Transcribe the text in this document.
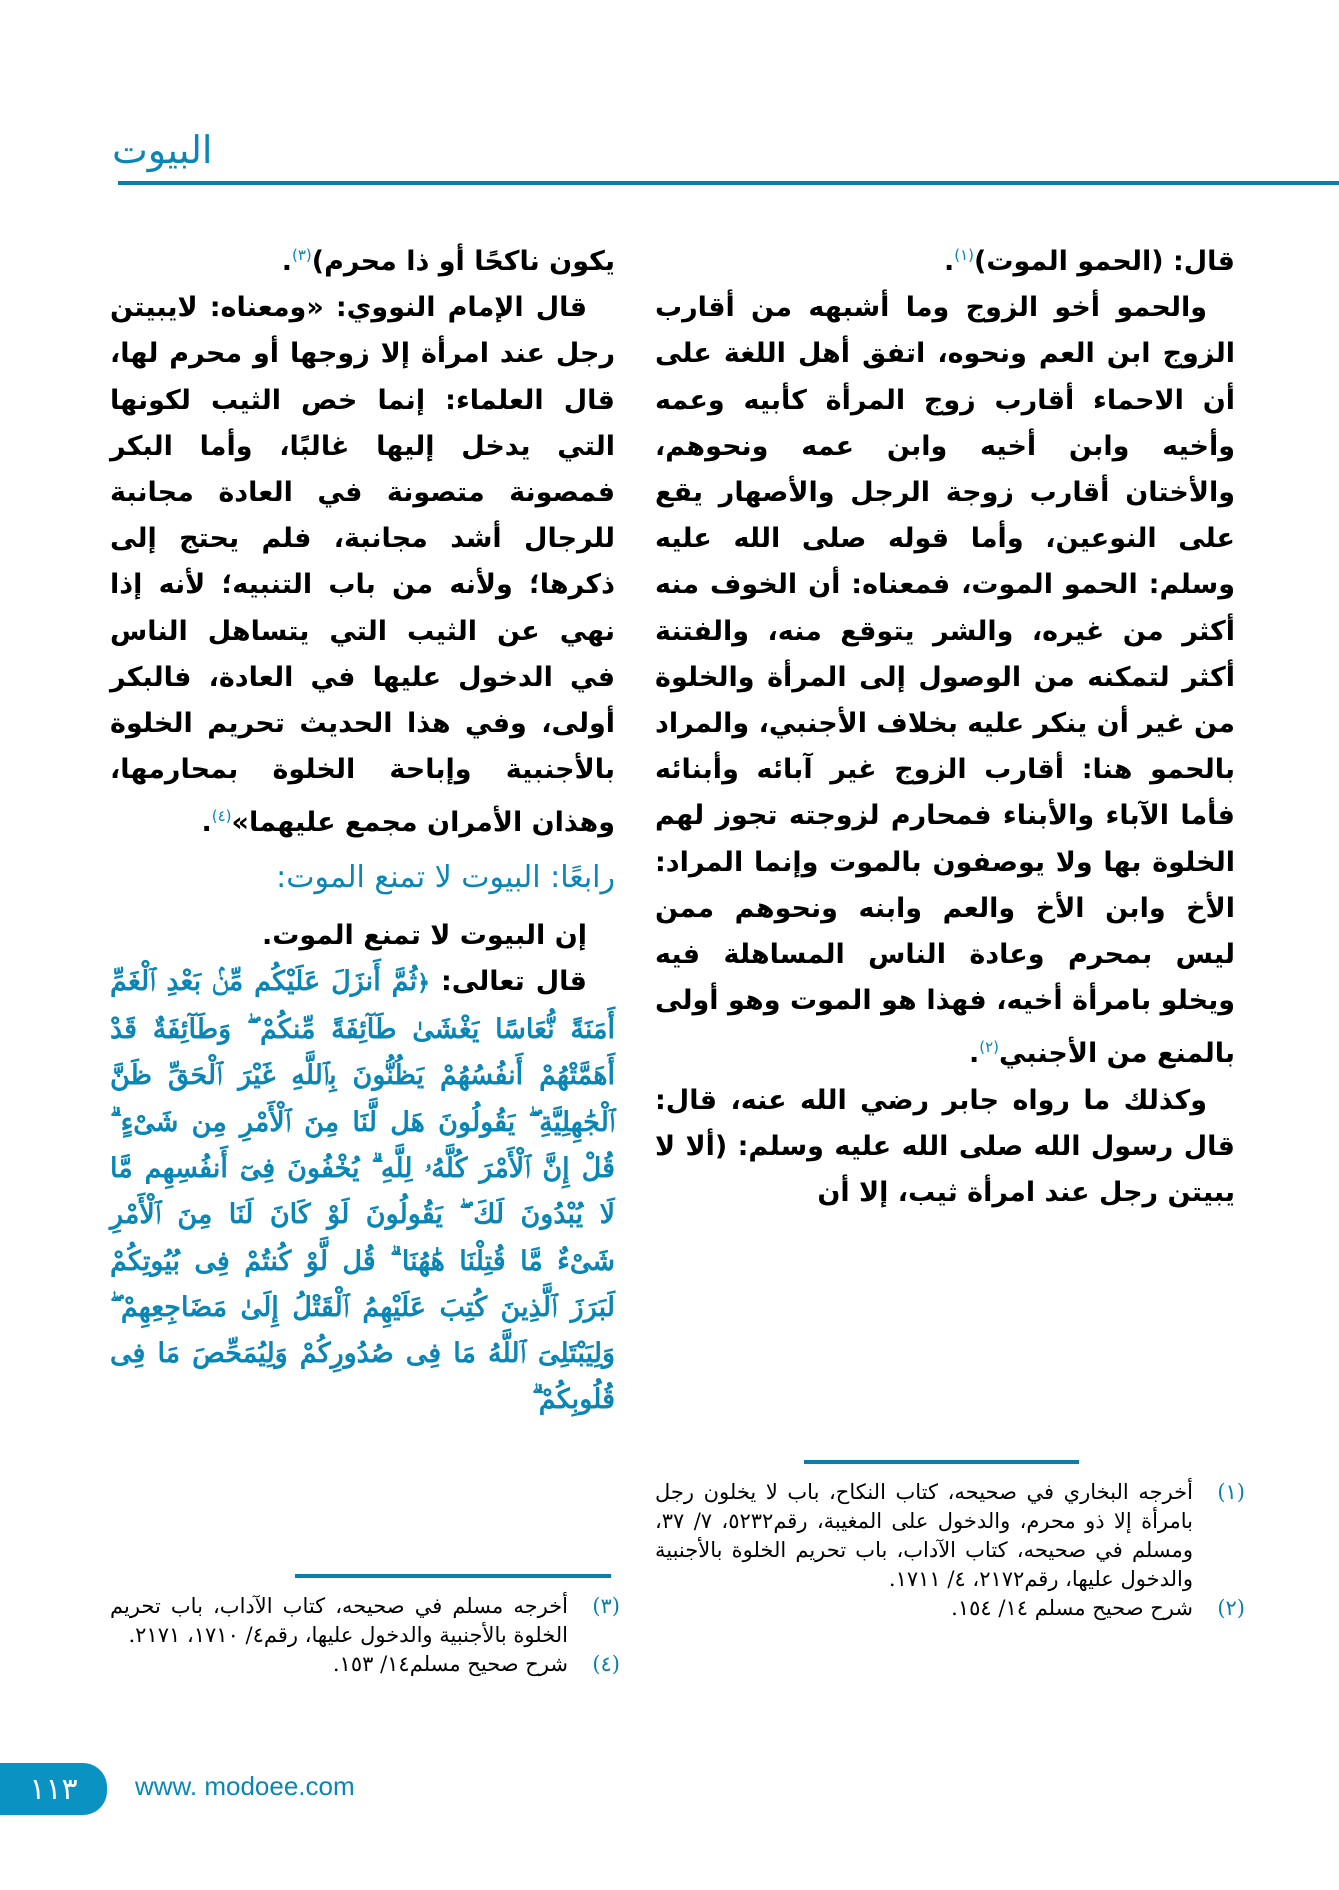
البيوت

قال: (الحمو الموت)$^{(١)}$.

والحمو أخو الزوج وما أشبهه من أقارب الزوج ابن العم ونحوه، اتفق أهل اللغة على أن الاحماء أقارب زوج المرأة كأبيه وعمه وأخيه وابن أخيه وابن عمه ونحوهم، والأختان أقارب زوجة الرجل والأصهار يقع على النوعين، وأما قوله صلى الله عليه وسلم: الحمو الموت، فمعناه: أن الخوف منه أكثر من غيره، والشر يتوقع منه، والفتنة أكثر لتمكنه من الوصول إلى المرأة والخلوة من غير أن ينكر عليه بخلاف الأجنبي، والمراد بالحمو هنا: أقارب الزوج غير آبائه وأبنائه فأما الآباء والأبناء فمحارم لزوجته تجوز لهم الخلوة بها ولا يوصفون بالموت وإنما المراد: الأخ وابن الأخ والعم وابنه ونحوهم ممن ليس بمحرم وعادة الناس المساهلة فيه ويخلو بامرأة أخيه، فهذا هو الموت وهو أولى بالمنع من الأجنبي$^{(٢)}$.

وكذلك ما رواه جابر رضي الله عنه، قال: قال رسول الله صلى الله عليه وسلم: (ألا لا يبيتن رجل عند امرأة ثيب، إلا أن

يكون ناكحًا أو ذا محرم)$^{(٣)}$.

قال الإمام النووي: «ومعناه: لايبيتن رجل عند امرأة إلا زوجها أو محرم لها، قال العلماء: إنما خص الثيب لكونها التي يدخل إليها غالبًا، وأما البكر فمصونة متصونة في العادة مجانبة للرجال أشد مجانبة، فلم يحتج إلى ذكرها؛ ولأنه من باب التنبيه؛ لأنه إذا نهي عن الثيب التي يتساهل الناس في الدخول عليها في العادة، فالبكر أولى، وفي هذا الحديث تحريم الخلوة بالأجنبية وإباحة الخلوة بمحارمها، وهذان الأمران مجمع عليهما»$^{(٤)}$.

رابعًا: البيوت لا تمنع الموت:

إن البيوت لا تمنع الموت.

قال تعالى: ﴿ثُمَّ أَنزَلَ عَلَيْكُم مِّنۢ بَعْدِ ٱلْغَمِّ أَمَنَةً نُّعَاسًا يَغْشَىٰ طَآئِفَةً مِّنكُمْ ۖ وَطَآئِفَةٌ قَدْ أَهَمَّتْهُمْ أَنفُسُهُمْ يَظُنُّونَ بِٱللَّهِ غَيْرَ ٱلْحَقِّ ظَنَّ ٱلْجَٰهِلِيَّةِ ۖ يَقُولُونَ هَل لَّنَا مِنَ ٱلْأَمْرِ مِن شَىْءٍ ۗ قُلْ إِنَّ ٱلْأَمْرَ كُلَّهُۥ لِلَّهِ ۗ يُخْفُونَ فِىٓ أَنفُسِهِم مَّا لَا يُبْدُونَ لَكَ ۖ يَقُولُونَ لَوْ كَانَ لَنَا مِنَ ٱلْأَمْرِ شَىْءٌ مَّا قُتِلْنَا هَٰهُنَا ۗ قُل لَّوْ كُنتُمْ فِى بُيُوتِكُمْ لَبَرَزَ ٱلَّذِينَ كُتِبَ عَلَيْهِمُ ٱلْقَتْلُ إِلَىٰ مَضَاجِعِهِمْ ۖ وَلِيَبْتَلِىَ ٱللَّهُ مَا فِى صُدُورِكُمْ وَلِيُمَحِّصَ مَا فِى قُلُوبِكُمْ ۗ

(١)
أخرجه البخاري في صحيحه، كتاب النكاح، باب لا يخلون رجل بامرأة إلا ذو محرم، والدخول على المغيبة، رقم٥٢٣٢، ٧/ ٣٧، ومسلم في صحيحه، كتاب الآداب، باب تحريم الخلوة بالأجنبية والدخول عليها، رقم٢١٧٢، ٤/ ١٧١١.
(٢)
شرح صحيح مسلم ١٤/ ١٥٤.
(٣)
أخرجه مسلم في صحيحه، كتاب الآداب، باب تحريم الخلوة بالأجنبية والدخول عليها، رقم٤/ ١٧١٠، ٢١٧١.
(٤)
شرح صحيح مسلم١٤/ ١٥٣.
١١٣ www. modoee.com
